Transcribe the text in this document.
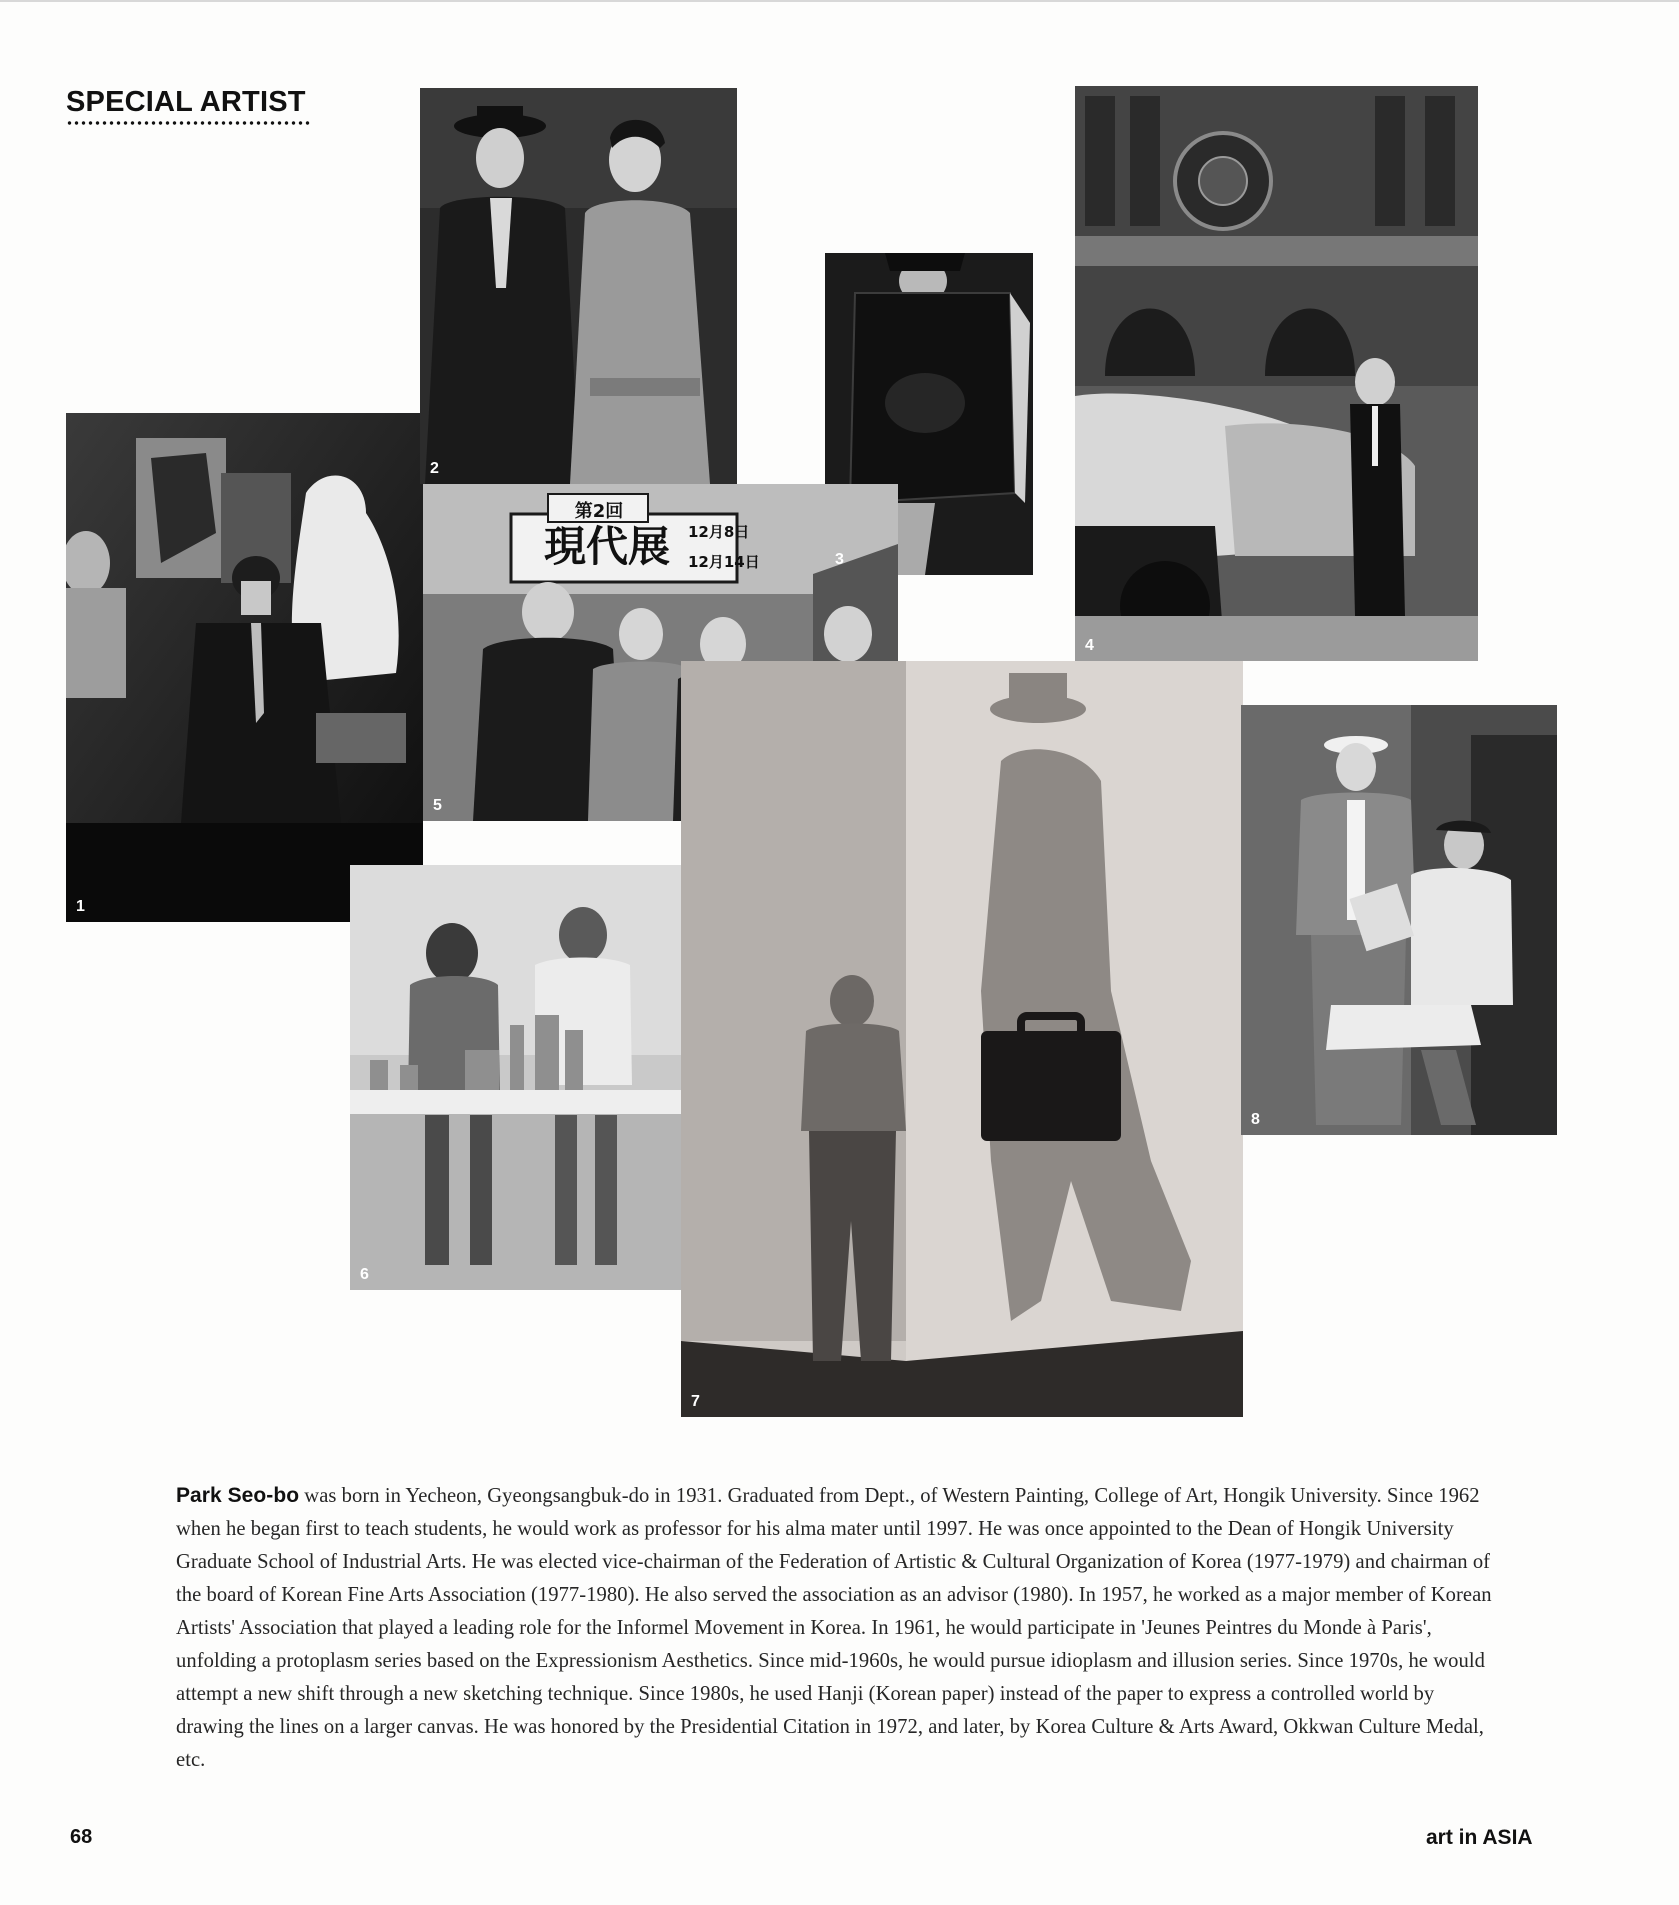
SPECIAL ARTIST
1
2
3
4
5
第2回
現代展	12月8日
12月14日
6
7
8
Park Seo-bo was born in Yecheon, Gyeongsangbuk-do in 1931. Graduated from Dept., of Western Painting, College of Art, Hongik University. Since 1962 when he began first to teach students, he would work as professor for his alma mater until 1997. He was once appointed to the Dean of Hongik University Graduate School of Industrial Arts. He was elected vice-chairman of the Federation of Artistic & Cultural Organization of Korea (1977-1979) and chairman of the board of Korean Fine Arts Association (1977-1980). He also served the association as an advisor (1980). In 1957, he worked as a major member of Korean Artists' Association that played a leading role for the Informel Movement in Korea. In 1961, he would participate in 'Jeunes Peintres du Monde à Paris', unfolding a protoplasm series based on the Expressionism Aesthetics. Since mid-1960s, he would pursue idioplasm and illusion series. Since 1970s, he would attempt a new shift through a new sketching technique. Since 1980s, he used Hanji (Korean paper) instead of the paper to express a controlled world by drawing the lines on a larger canvas. He was honored by the Presidential Citation in 1972, and later, by Korea Culture & Arts Award, Okkwan Culture Medal, etc.
68	art in ASIA
